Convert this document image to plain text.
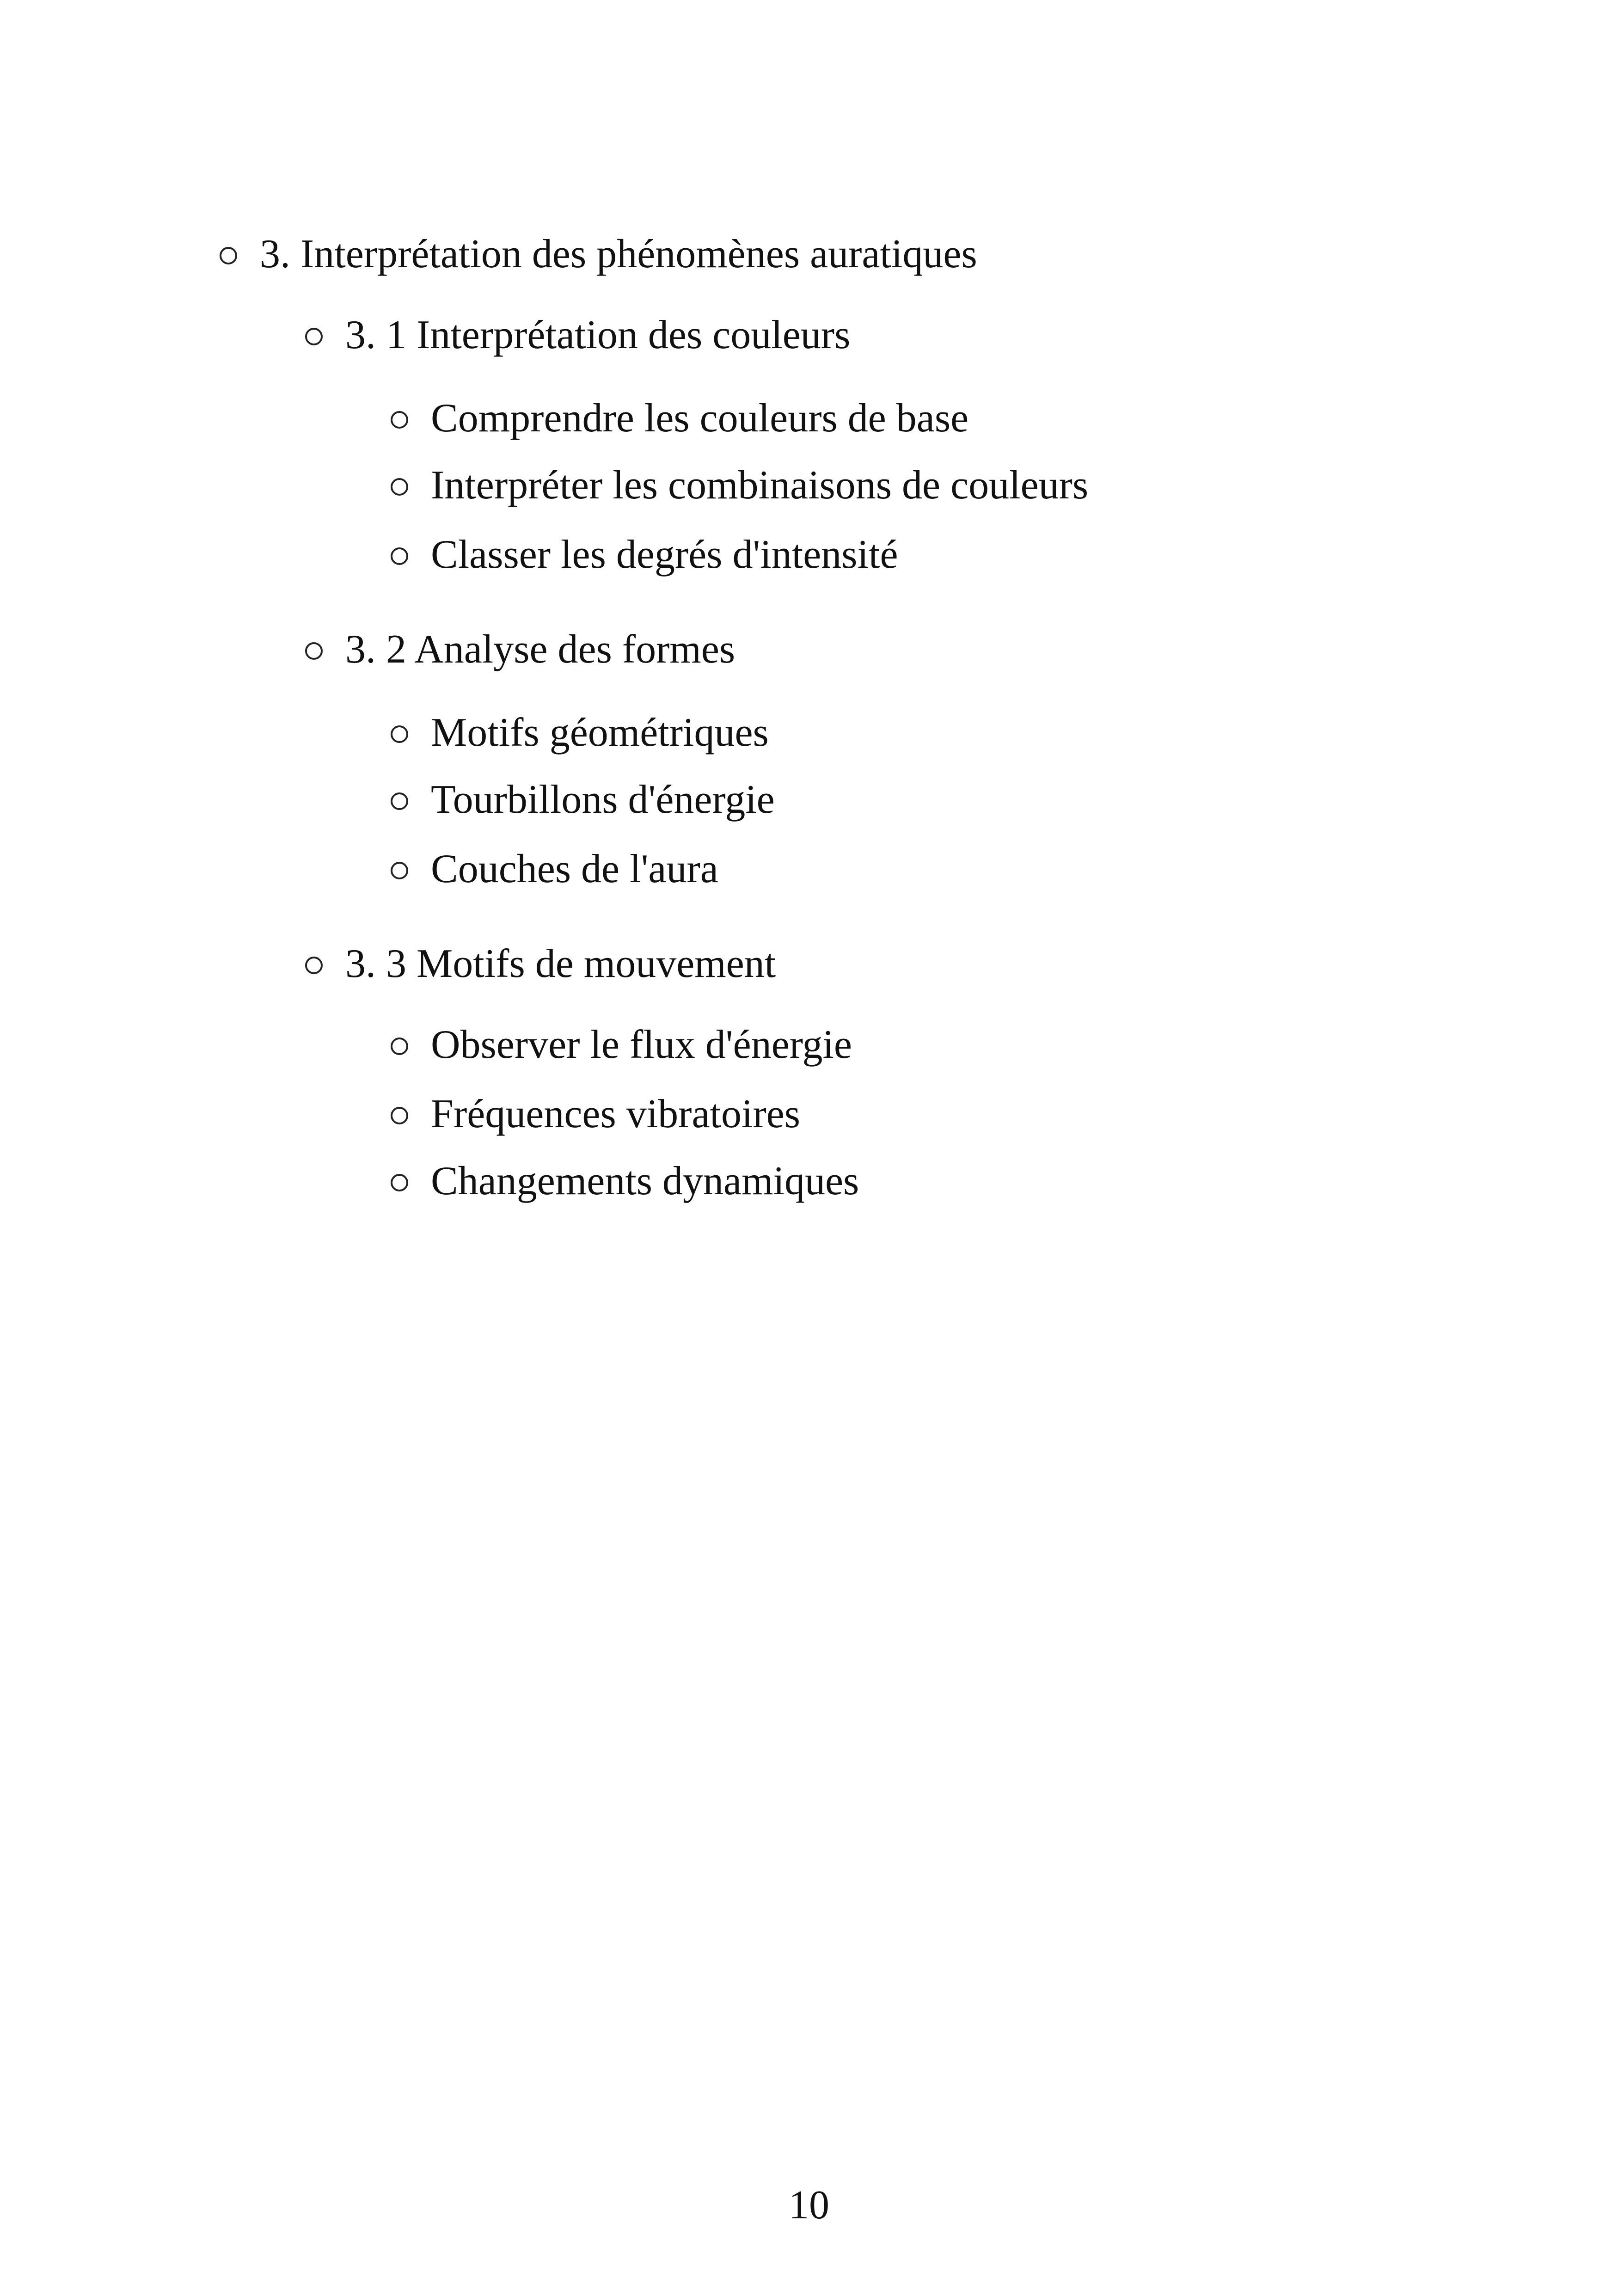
3. Interprétation des phénomènes auratiques
3. 1 Interprétation des couleurs
Comprendre les couleurs de base
Interpréter les combinaisons de couleurs
Classer les degrés d'intensité
3. 2 Analyse des formes
Motifs géométriques
Tourbillons d'énergie
Couches de l'aura
3. 3 Motifs de mouvement
Observer le flux d'énergie
Fréquences vibratoires
Changements dynamiques
10
